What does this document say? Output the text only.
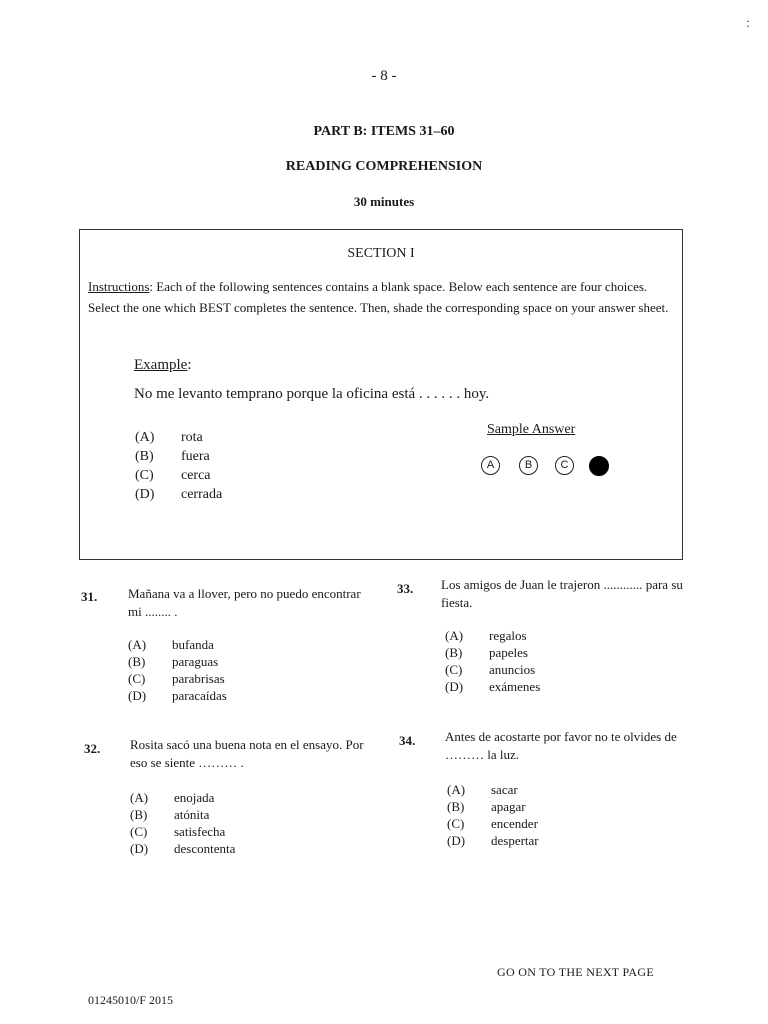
:
- 8 -
PART B: ITEMS 31–60
READING COMPREHENSION
30 minutes
SECTION I
Instructions: Each of the following sentences contains a blank space. Below each sentence are four choices. Select the one which BEST completes the sentence. Then, shade the corresponding space on your answer sheet.
Example:
No me levanto temprano porque la oficina está . . . . . . hoy.
(A) rota
(B) fuera
(C) cerca
(D) cerrada
Sample Answer
A	B	C
31. Mañana va a llover, pero no puedo encontrar mi ........ .
(A) bufanda
(B) paraguas
(C) parabrisas
(D) paracaídas
32. Rosita sacó una buena nota en el ensayo. Por eso se siente ……… .
(A) enojada
(B) atónita
(C) satisfecha
(D) descontenta
33. Los amigos de Juan le trajeron ............ para su fiesta.
(A) regalos
(B) papeles
(C) anuncios
(D) exámenes
34. Antes de acostarte por favor no te olvides de ……… la luz.
(A) sacar
(B) apagar
(C) encender
(D) despertar
GO ON TO THE NEXT PAGE
01245010/F 2015
